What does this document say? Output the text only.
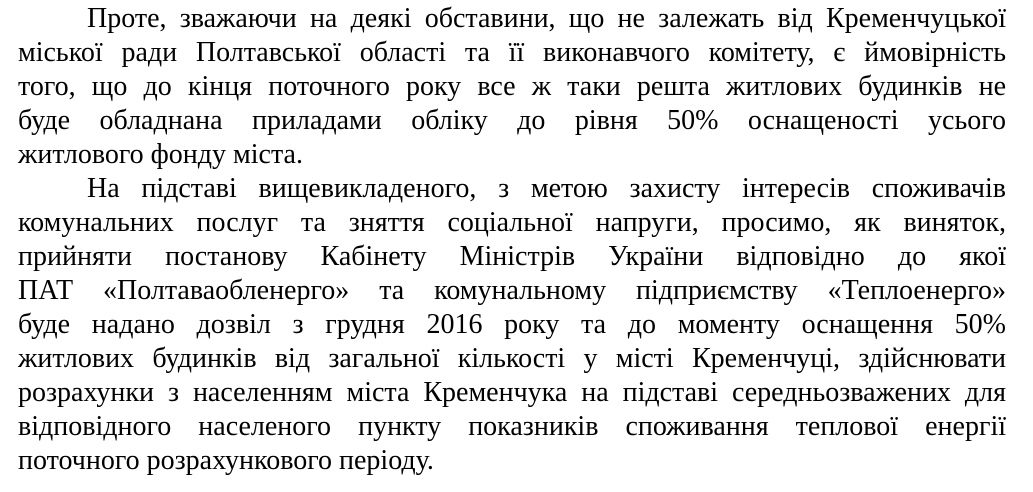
Проте, зважаючи на деякі обставини, що не залежать від Кременчуцької
міської ради Полтавської області та її виконавчого комітету, є ймовірність
того, що до кінця поточного року все ж таки решта житлових будинків не
буде обладнана приладами обліку до рівня 50% оснащеності усього
житлового фонду міста.
На підставі вищевикладеного, з метою захисту інтересів споживачів
комунальних послуг та зняття соціальної напруги, просимо, як виняток,
прийняти постанову Кабінету Міністрів України відповідно до якої
ПАТ «Полтаваобленерго» та комунальному підприємству «Теплоенерго»
буде надано дозвіл з грудня 2016 року та до моменту оснащення 50%
житлових будинків від загальної кількості у місті Кременчуці, здійснювати
розрахунки з населенням міста Кременчука на підставі середньозважених для
відповідного населеного пункту показників споживання теплової енергії
поточного розрахункового періоду.
